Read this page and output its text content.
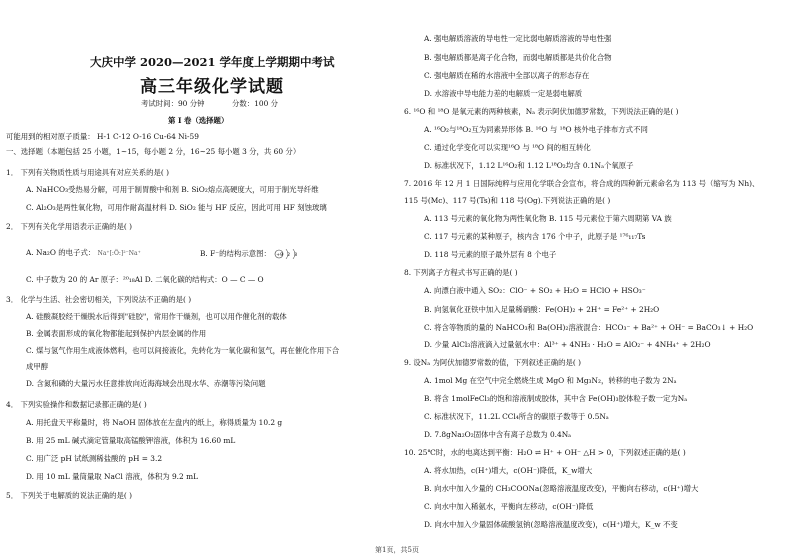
大庆中学 2020—2021 学年度上学期期中考试
高三年级化学试题
考试时间：90 分钟	分数：100 分
第 I 卷（选择题）
可能用到的相对原子质量： H-1 C-12 O-16 Cu-64 Ni-59
一、选择题（本题包括 25 小题，1~15，每小题 2 分，16~25 每小题 3 分，共 60 分）
1． 下列有关物质性质与用途具有对应关系的是( )
A. NaHCO₃受热易分解，可用于制胃酸中和剂 B. SiO₂熔点高硬度大，可用于制光导纤维
C. Al₂O₃是两性氧化物，可用作耐高温材料 D. SiO₂ 能与 HF 反应，因此可用 HF 刻蚀玻璃
2． 下列有关化学用语表示正确的是( )
A. Na₂O 的电子式： Na⁺[:Ö:]²⁻Na⁺	B. F⁻的结构示意图： +9 2 8
C. 中子数为 20 的 Ar 原子：²⁰₁₈Al D. 二氧化碳的结构式：O — C — O
3． 化学与生活、社会密切相关，下列说法不正确的是( )
A. 硅酸凝胶经干燥脱水后得到"硅胶"，常用作干燥剂，也可以用作催化剂的载体
B. 金属表面形成的氧化物都能起到保护内层金属的作用
C. 煤与氢气作用生成液体燃料，也可以间接液化，先转化为一氧化碳和氢气，再在催化作用下合
成甲醇
D. 含氮和磷的大量污水任意排放向近海海域会出现水华、赤潮等污染问题
4． 下列实验操作和数据记录都正确的是( )
A. 用托盘天平称量时，将 NaOH 固体放在左盘内的纸上，称得质量为 10.2 g
B. 用 25 mL 碱式滴定管量取高锰酸钾溶液，体积为 16.60 mL
C. 用广泛 pH 试纸测稀盐酸的 pH = 3.2
D. 用 10 mL 量筒量取 NaCl 溶液，体积为 9.2 mL
5． 下列关于电解质的说法正确的是( )
A. 强电解质溶液的导电性一定比弱电解质溶液的导电性强
B. 强电解质都是离子化合物，而弱电解质都是共价化合物
C. 强电解质在稀的水溶液中全部以离子的形态存在
D. 水溶液中导电能力差的电解质一定是弱电解质
6. ¹⁶O 和 ¹⁸O 是氧元素的两种核素，Nₐ 表示阿伏加德罗常数，下列说法正确的是( )
A. ¹⁶O₂与¹⁸O₂互为同素异形体 B. ¹⁶O 与 ¹⁸O 核外电子排布方式不同
C. 通过化学变化可以实现¹⁶O 与 ¹⁸O 间的相互转化
D. 标准状况下，1.12 L¹⁶O₂和 1.12 L¹⁸O₂均含 0.1Nₐ个氧原子
7. 2016 年 12 月 1 日国际纯粹与应用化学联合会宣布，将合成的四种新元素命名为 113 号（缩写为 Nh)、
115 号(Mc)、117 号(Ts)和 118 号(Og).下列说法正确的是( )
A. 113 号元素的氧化物为两性氧化物 B. 115 号元素位于第六周期第 VA 族
C. 117 号元素的某种原子，核内含 176 个中子，此原子是 ¹⁷⁶₁₁₇Ts
D. 118 号元素的原子最外层有 8 个电子
8. 下列离子方程式书写正确的是( )
A. 向漂白液中通入 SO₂：ClO⁻ + SO₂ + H₂O = HClO + HSO₃⁻
B. 向氢氧化亚铁中加入足量稀硝酸：Fe(OH)₂ + 2H⁺ = Fe²⁺ + 2H₂O
C. 将含等物质的量的 NaHCO₃和 Ba(OH)₂溶液混合：HCO₃⁻ + Ba²⁺ + OH⁻ = BaCO₃↓ + H₂O
D. 少量 AlCl₃溶液滴入过量氨水中：Al³⁺ + 4NH₃ · H₂O = AlO₂⁻ + 4NH₄⁺ + 2H₂O
9. 设Nₐ 为阿伏加德罗常数的值，下列叙述正确的是( )
A. 1mol Mg 在空气中完全燃烧生成 MgO 和 Mg₃N₂，转移的电子数为 2Nₐ
B. 将含 1molFeCl₃的饱和溶液制成胶体，其中含 Fe(OH)₃胶体粒子数一定为Nₐ
C. 标准状况下，11.2L CCl₄所含的碳原子数等于 0.5Nₐ
D. 7.8gNa₂O₂固体中含有离子总数为 0.4Nₐ
10. 25℃时，水的电离达到平衡：H₂O ⇌ H⁺ + OH⁻ △H > 0，下列叙述正确的是( )
A. 将水加热，c(H⁺)增大，c(OH⁻)降低，K_w增大
B. 向水中加入少量的 CH₃COONa(忽略溶液温度改变)，平衡向右移动，c(H⁺)增大
C. 向水中加入稀氨水，平衡向左移动，c(OH⁻)降低
D. 向水中加入少量固体硫酸氢钠(忽略溶液温度改变)，c(H⁺)增大，K_w 不变
第1页，共5页
